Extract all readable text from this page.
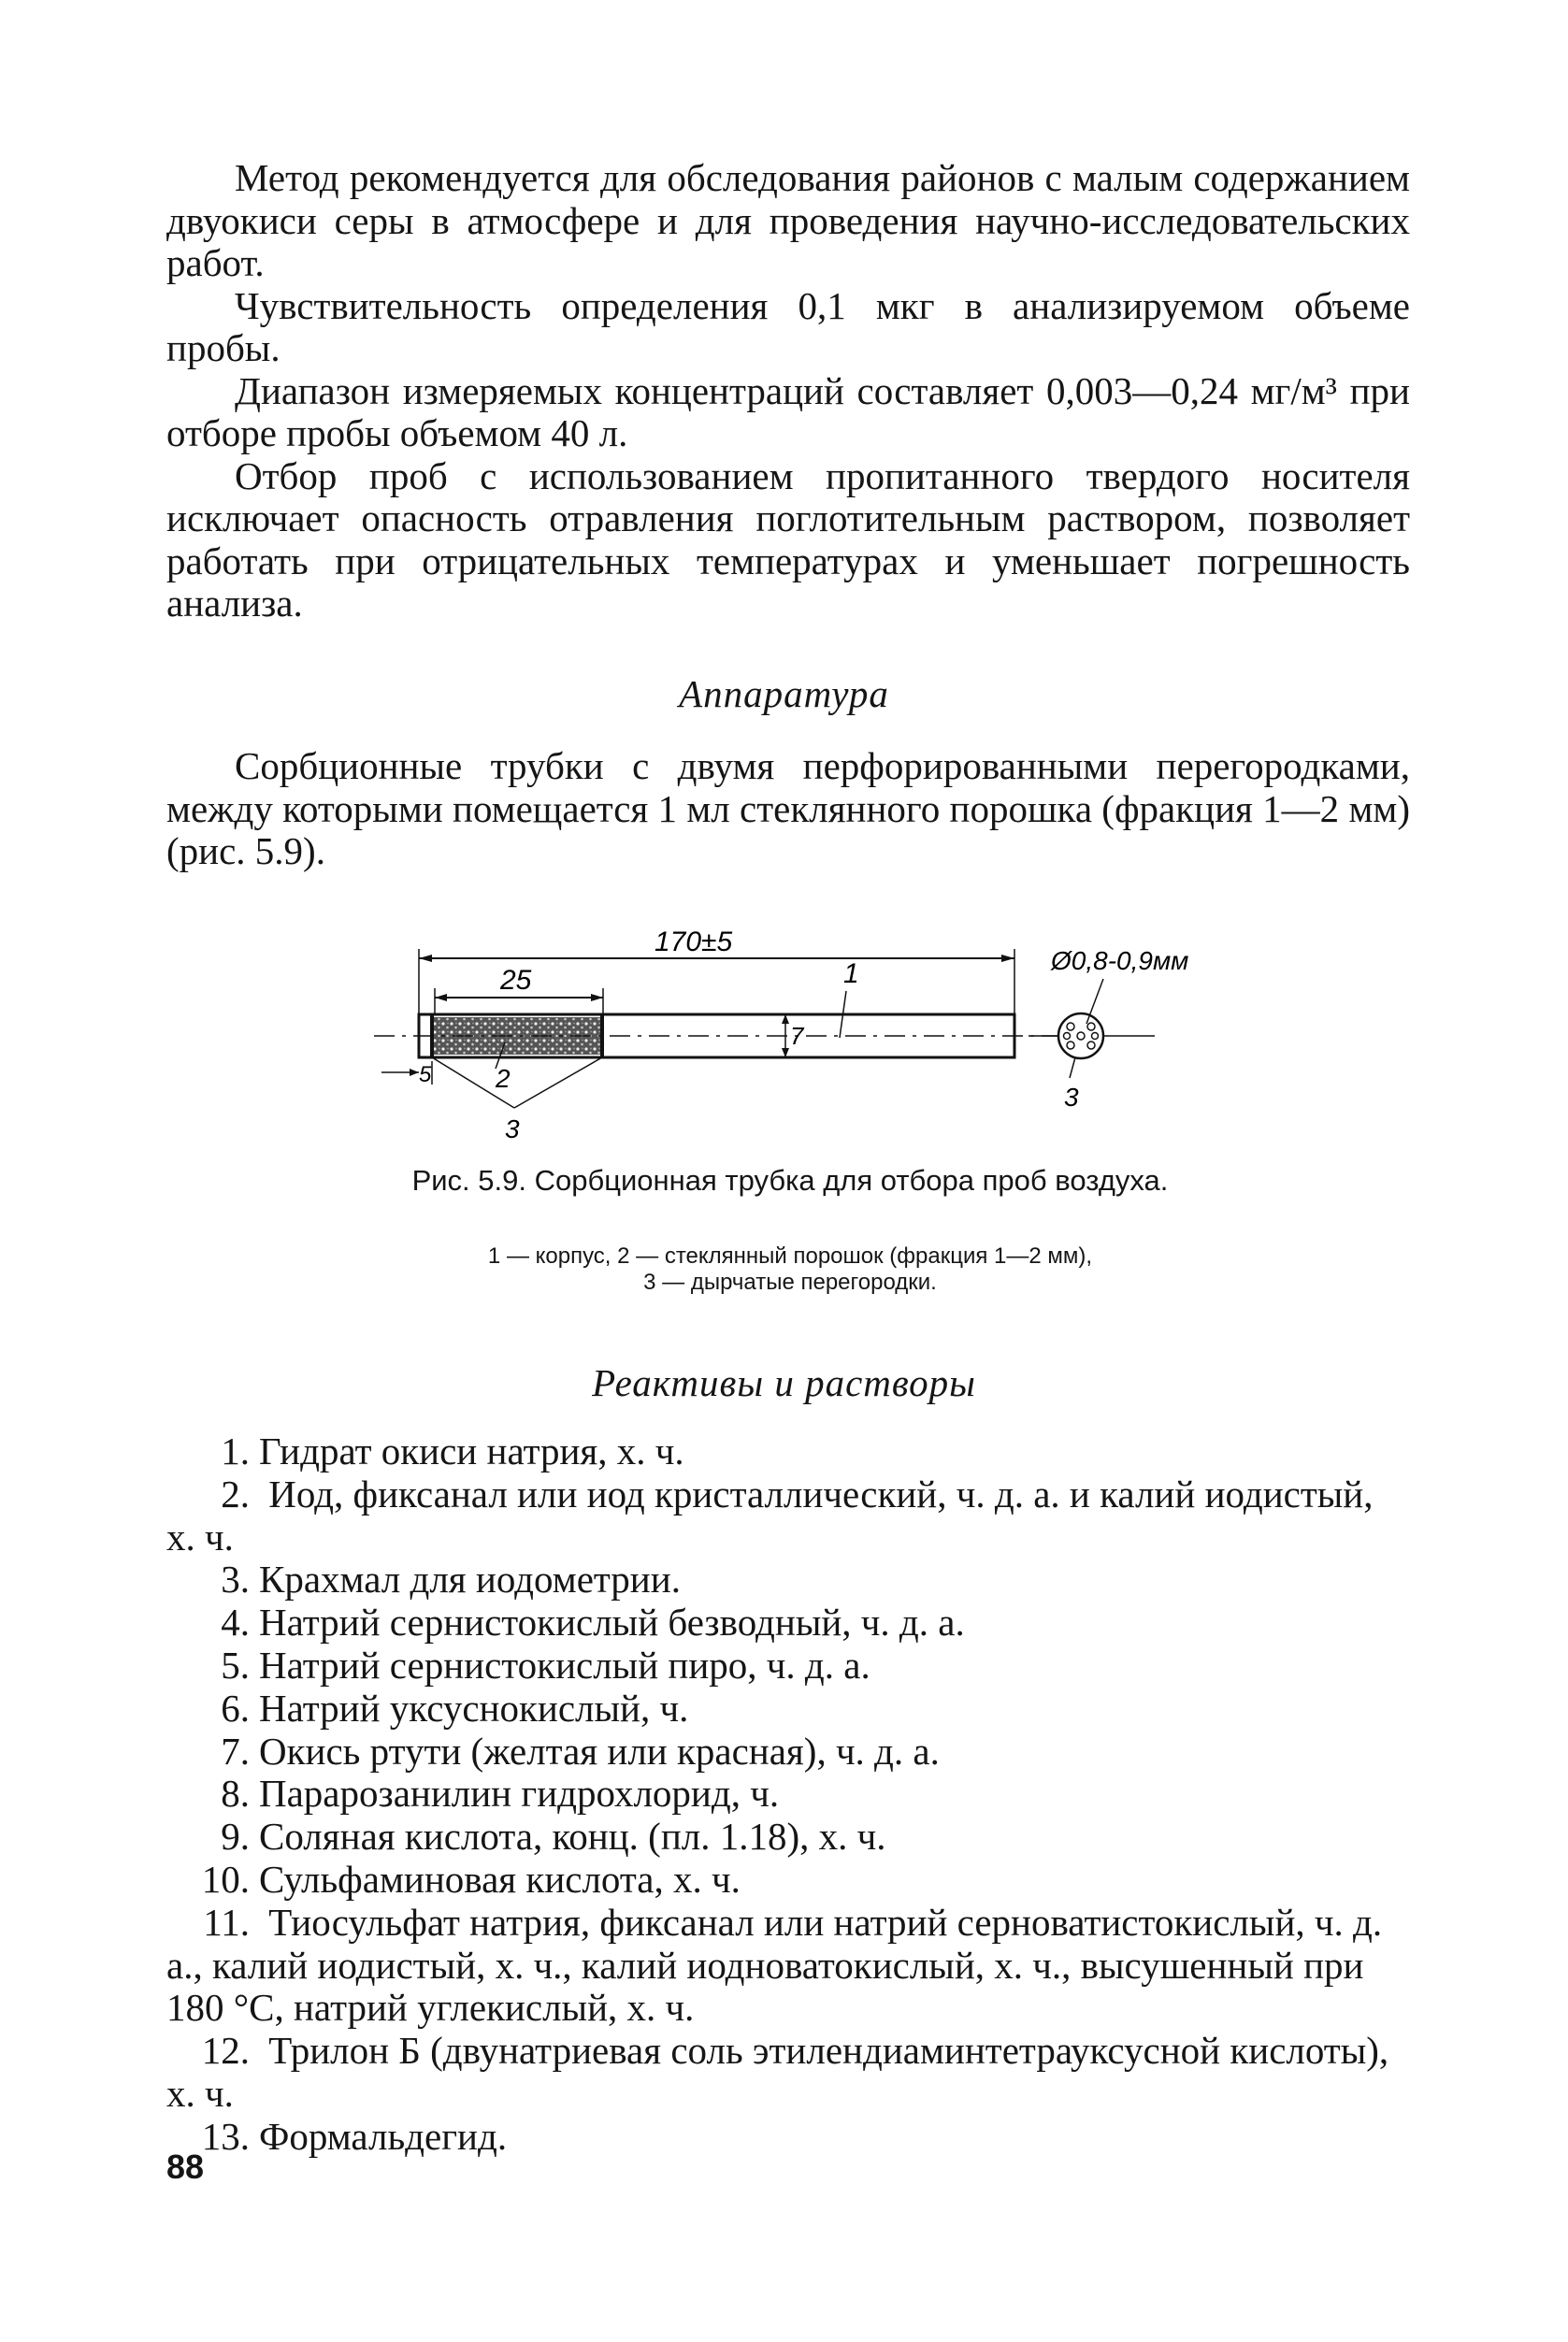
Метод рекомендуется для обследования районов с малым содержанием двуокиси серы в атмосфере и для проведения научно-исследовательских работ.

Чувствительность определения 0,1 мкг в анализируемом объеме пробы.

Диапазон измеряемых концентраций составляет 0,003—0,24 мг/м³ при отборе пробы объемом 40 л.

Отбор проб с использованием пропитанного твердого носителя исключает опасность отравления поглотительным раствором, позволяет работать при отрицательных температурах и уменьшает погрешность анализа.

Аппаратура

Сорбционные трубки с двумя перфорированными перегородками, между которыми помещается 1 мл стеклянного порошка (фракция 1—2 мм) (рис. 5.9).

170±5
25
7
1
5 2
3
Ø0,8-0,9мм
3
Рис. 5.9. Сорбционная трубка для отбора проб воздуха.
1 — корпус, 2 — стеклянный порошок (фракция 1—2 мм),
3 — дырчатые перегородки.
Реактивы и растворы
1. Гидрат окиси натрия, х. ч.
2. Иод, фиксанал или иод кристаллический, ч. д. а. и калий иодистый, х. ч.
3. Крахмал для иодометрии.
4. Натрий сернистокислый безводный, ч. д. а.
5. Натрий сернистокислый пиро, ч. д. а.
6. Натрий уксуснокислый, ч.
7. Окись ртути (желтая или красная), ч. д. а.
8. Парарозанилин гидрохлорид, ч.
9. Соляная кислота, конц. (пл. 1.18), х. ч.
10. Сульфаминовая кислота, х. ч.
11. Тиосульфат натрия, фиксанал или натрий серноватистокислый, ч. д. а., калий иодистый, х. ч., калий иодноватокислый, х. ч., высушенный при 180 °С, натрий углекислый, х. ч.
12. Трилон Б (двунатриевая соль этилендиаминтетрауксусной кислоты), х. ч.
13. Формальдегид.
88
